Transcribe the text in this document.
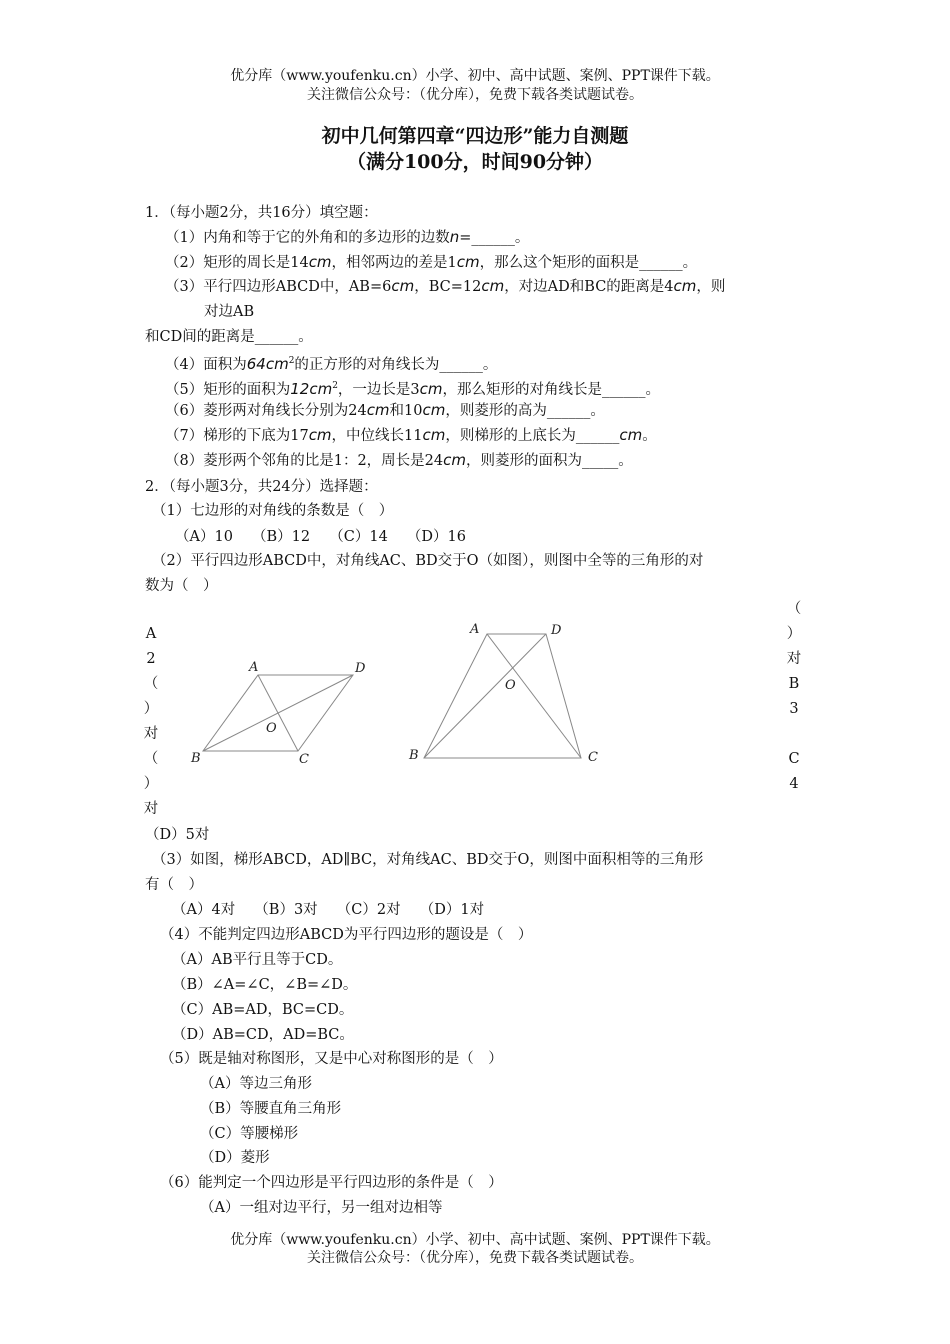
优分库（www.youfenku.cn）小学、初中、高中试题、案例、PPT课件下载。
关注微信公众号：（优分库），免费下载各类试题试卷。
初中几何第四章“四边形”能力自测题
（满分100分，时间90分钟）
1．（每小题2分，共16分）填空题：
（1）内角和等于它的外角和的多边形的边数n=______。
（2）矩形的周长是14cm，相邻两边的差是1cm，那么这个矩形的面积是______。
（3）平行四边形ABCD中，AB=6cm，BC=12cm，对边AD和BC的距离是4cm，则
对边AB
和CD间的距离是______。
（4）面积为$64cm^2$的正方形的对角线长为______。
（5）矩形的面积为$12cm^2$，一边长是3cm，那么矩形的对角线长是______。
（6）菱形两对角线长分别为24cm和10cm，则菱形的高为______。
（7）梯形的下底为17cm，中位线长11cm，则梯形的上底长为______cm。
（8）菱形两个邻角的比是1：2，周长是24cm，则菱形的面积为_____。
2．（每小题3分，共24分）选择题：
（1）七边形的对角线的条数是（　）
（A）10　 （B）12　 （C）14　 （D）16
（2）平行四边形ABCD中，对角线AC、BD交于O（如图），则图中全等的三角形的对
数为（　）
A
2
（
）
对
（
）
对
（
）
对
B
3
C
4
A	D
O
B	C
A	D
O
B	C
（D）5对
（3）如图，梯形ABCD，AD∥BC，对角线AC、BD交于O，则图中面积相等的三角形
有（　）
（A）4对　 （B）3对　 （C）2对　 （D）1对
（4）不能判定四边形ABCD为平行四边形的题设是（　）
（A）AB平行且等于CD。
（B）∠A=∠C，∠B=∠D。
（C）AB=AD，BC=CD。
（D）AB=CD，AD=BC。
（5）既是轴对称图形，又是中心对称图形的是（　）
（A）等边三角形
（B）等腰直角三角形
（C）等腰梯形
（D）菱形
（6）能判定一个四边形是平行四边形的条件是（　）
（A）一组对边平行，另一组对边相等
优分库（www.youfenku.cn）小学、初中、高中试题、案例、PPT课件下载。
关注微信公众号：（优分库），免费下载各类试题试卷。
